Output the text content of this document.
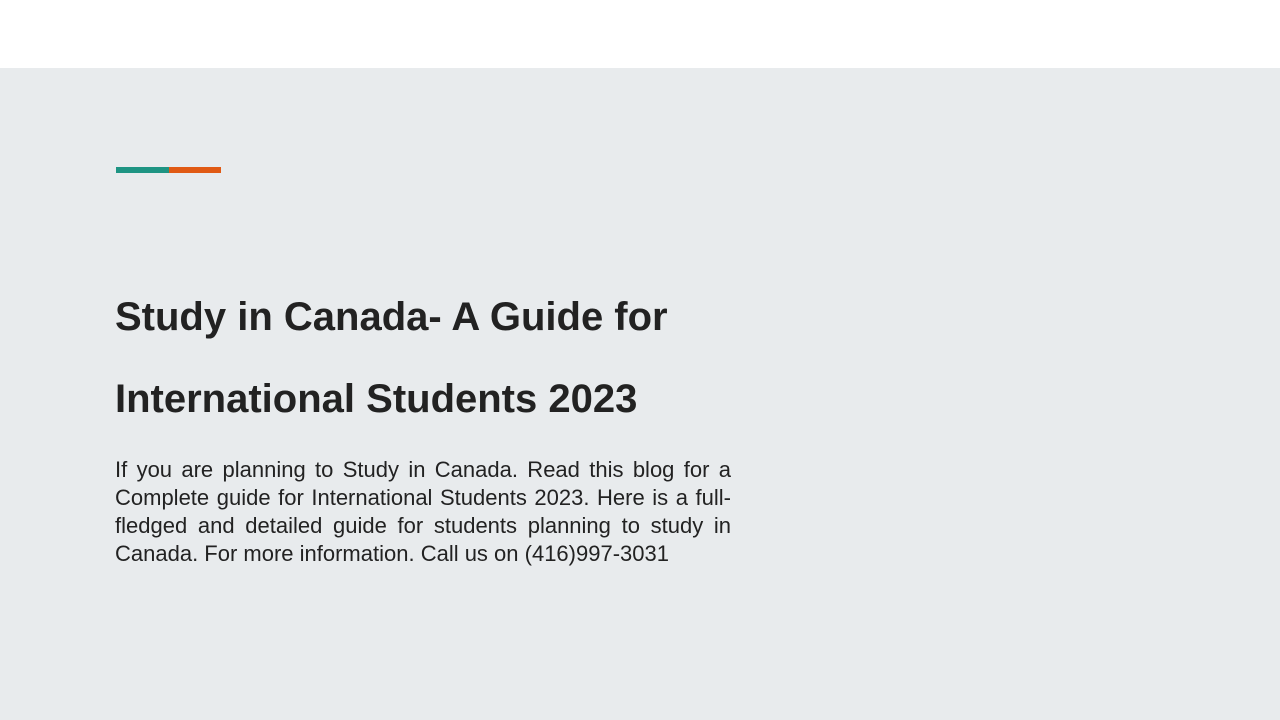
Study in Canada- A Guide for
International Students 2023

If you are planning to Study in Canada. Read this blog for a Complete guide for International Students 2023. Here is a full-fledged and detailed guide for students planning to study in Canada. For more information. Call us on (416)997-3031
